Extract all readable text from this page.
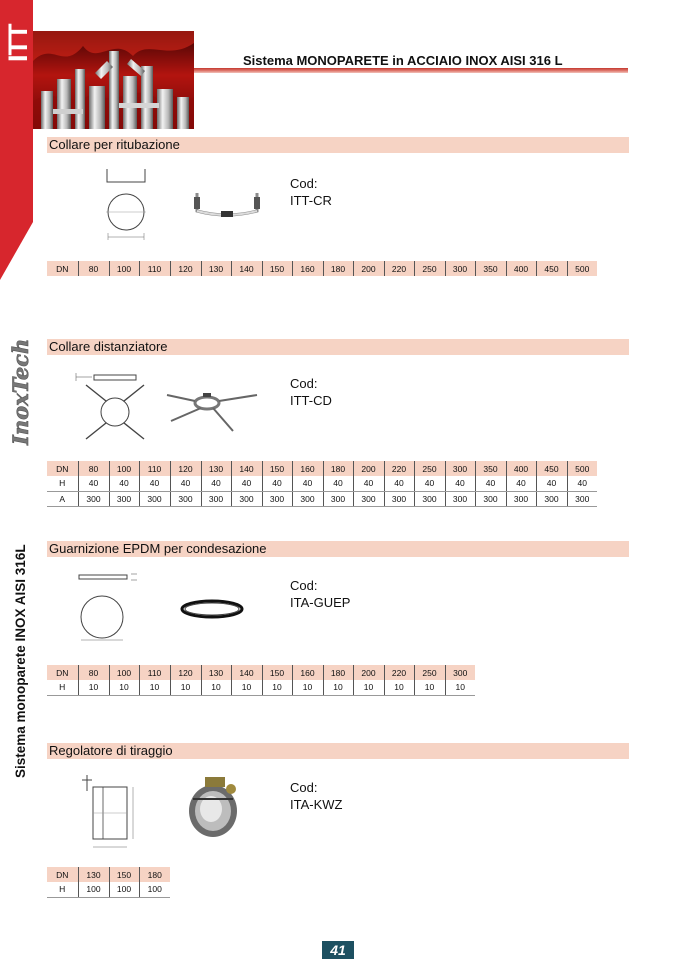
ITT
InoxTech
Sistema monoparete INOX AISI 316L
Sistema MONOPARETE in ACCIAIO INOX AISI 316 L
Collare per ritubazione
Cod:
ITT-CR
DN	80	100	110	120	130	140	150	160	180	200	220	250	300	350	400	450	500
Collare distanziatore
Cod:
ITT-CD
DN	80	100	110	120	130	140	150	160	180	200	220	250	300	350	400	450	500
H	40	40	40	40	40	40	40	40	40	40	40	40	40	40	40	40	40
A	300	300	300	300	300	300	300	300	300	300	300	300	300	300	300	300	300
Guarnizione EPDM per condesazione
Cod:
ITA-GUEP
DN	80	100	110	120	130	140	150	160	180	200	220	250	300
H	10	10	10	10	10	10	10	10	10	10	10	10	10
Regolatore di tiraggio
Cod:
ITA-KWZ
DN	130	150	180
H	100	100	100
41
